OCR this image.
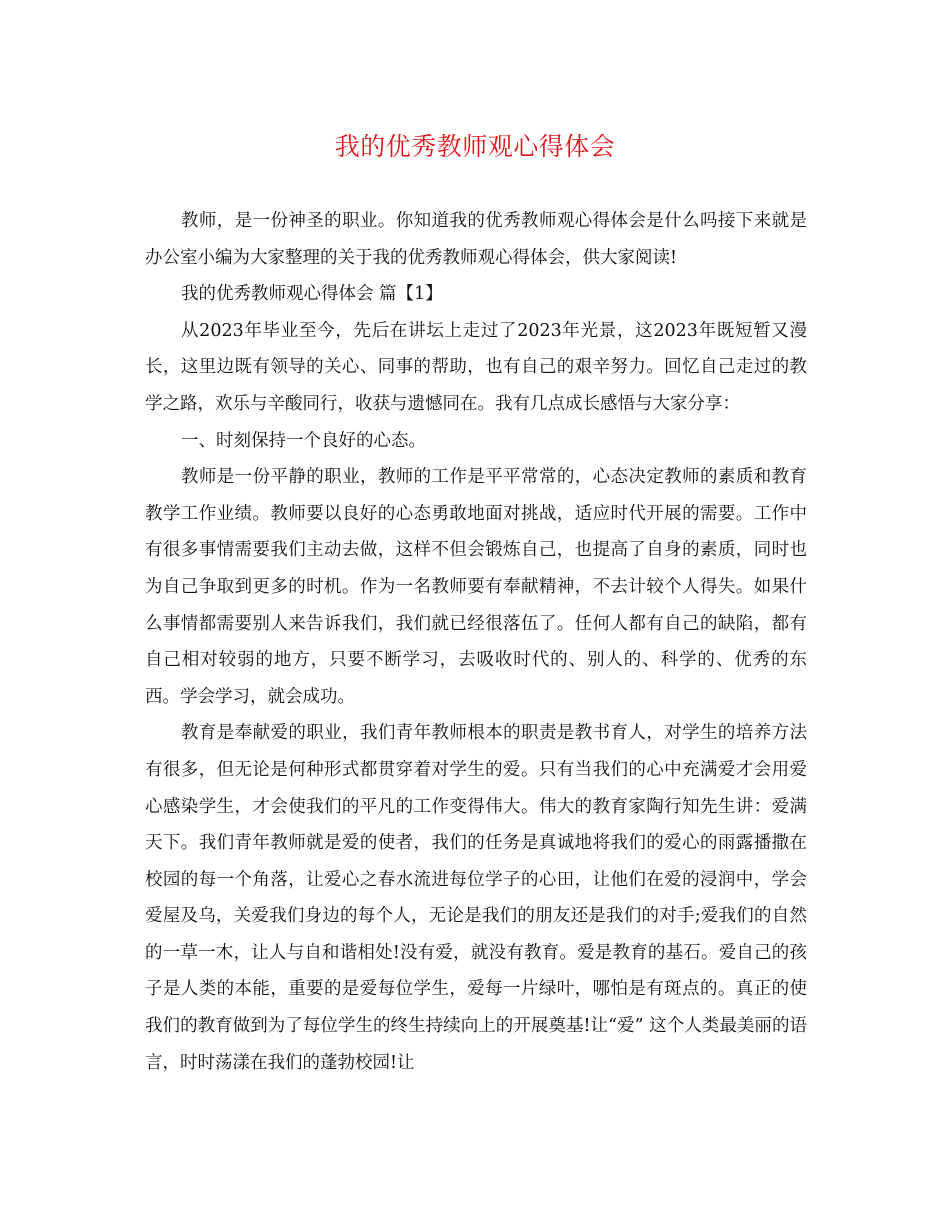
我的优秀教师观心得体会

教师，是一份神圣的职业。你知道我的优秀教师观心得体会是什么吗接下来就是办公室小编为大家整理的关于我的优秀教师观心得体会，供大家阅读!

我的优秀教师观心得体会 篇【1】

从2023年毕业至今，先后在讲坛上走过了2023年光景，这2023年既短暂又漫长，这里边既有领导的关心、同事的帮助，也有自己的艰辛努力。回忆自己走过的教学之路，欢乐与辛酸同行，收获与遗憾同在。我有几点成长感悟与大家分享：

一、时刻保持一个良好的心态。

教师是一份平静的职业，教师的工作是平平常常的，心态决定教师的素质和教育教学工作业绩。教师要以良好的心态勇敢地面对挑战，适应时代开展的需要。工作中有很多事情需要我们主动去做，这样不但会锻炼自己，也提高了自身的素质，同时也为自己争取到更多的时机。作为一名教师要有奉献精神，不去计较个人得失。如果什么事情都需要别人来告诉我们，我们就已经很落伍了。任何人都有自己的缺陷，都有自己相对较弱的地方，只要不断学习，去吸收时代的、别人的、科学的、优秀的东西。学会学习，就会成功。

教育是奉献爱的职业，我们青年教师根本的职责是教书育人，对学生的培养方法有很多，但无论是何种形式都贯穿着对学生的爱。只有当我们的心中充满爱才会用爱心感染学生，才会使我们的平凡的工作变得伟大。伟大的教育家陶行知先生讲：爱满天下。我们青年教师就是爱的使者，我们的任务是真诚地将我们的爱心的雨露播撒在校园的每一个角落，让爱心之春水流进每位学子的心田，让他们在爱的浸润中，学会爱屋及乌，关爱我们身边的每个人，无论是我们的朋友还是我们的对手;爱我们的自然的一草一木，让人与自和谐相处!没有爱，就没有教育。爱是教育的基石。爱自己的孩子是人类的本能，重要的是爱每位学生，爱每一片绿叶，哪怕是有斑点的。真正的使我们的教育做到为了每位学生的终生持续向上的开展奠基!让“爱” 这个人类最美丽的语言，时时荡漾在我们的蓬勃校园!让
